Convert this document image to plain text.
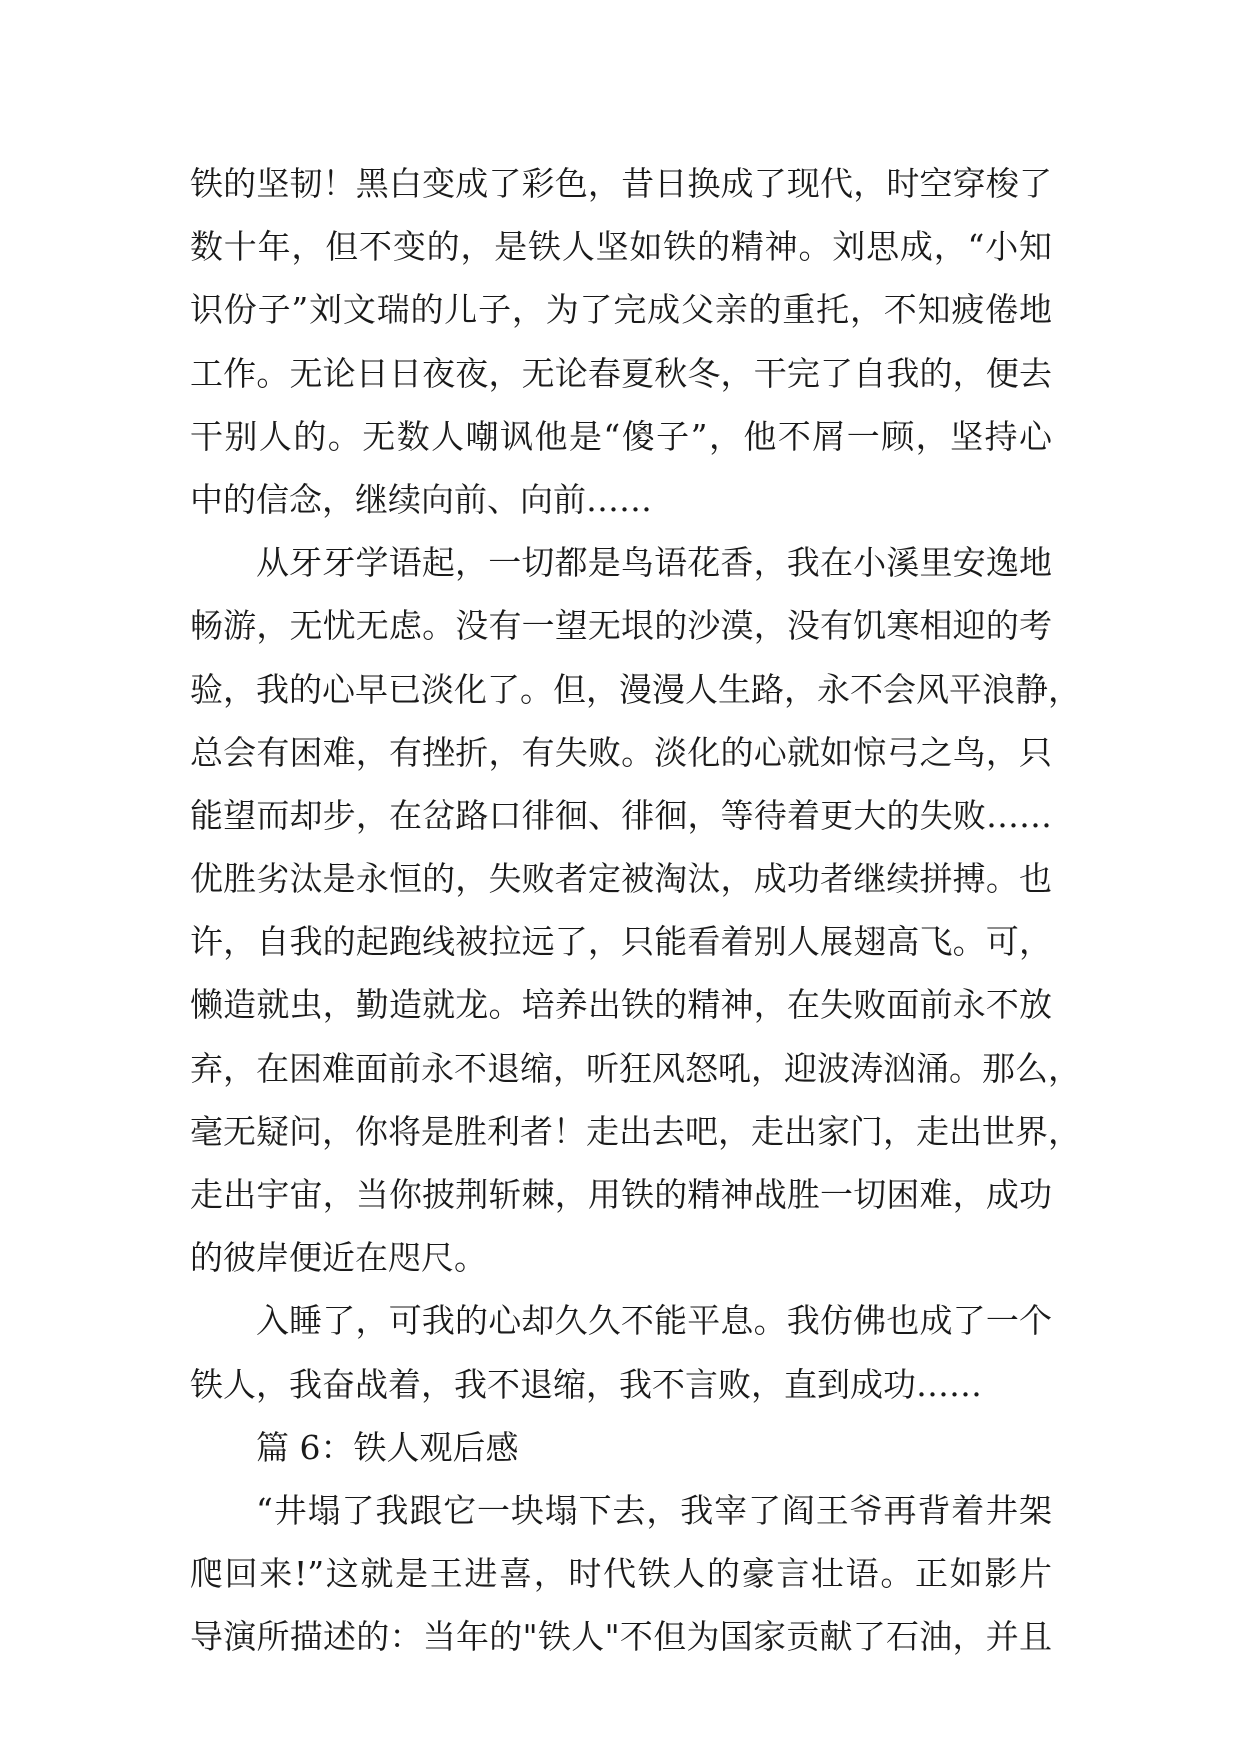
铁的坚韧！黑白变成了彩色，昔日换成了现代，时空穿梭了
数十年，但不变的，是铁人坚如铁的精神。刘思成，“小知
识份子”刘文瑞的儿子，为了完成父亲的重托，不知疲倦地
工作。无论日日夜夜，无论春夏秋冬，干完了自我的，便去
干别人的。无数人嘲讽他是“傻子”，他不屑一顾，坚持心
中的信念，继续向前、向前……
从牙牙学语起，一切都是鸟语花香，我在小溪里安逸地
畅游，无忧无虑。没有一望无垠的沙漠，没有饥寒相迎的考
验，我的心早已淡化了。但，漫漫人生路，永不会风平浪静，
总会有困难，有挫折，有失败。淡化的心就如惊弓之鸟，只
能望而却步，在岔路口徘徊、徘徊，等待着更大的失败……
优胜劣汰是永恒的，失败者定被淘汰，成功者继续拼搏。也
许，自我的起跑线被拉远了，只能看着别人展翅高飞。可，
懒造就虫，勤造就龙。培养出铁的精神，在失败面前永不放
弃，在困难面前永不退缩，听狂风怒吼，迎波涛汹涌。那么，
毫无疑问，你将是胜利者！走出去吧，走出家门，走出世界，
走出宇宙，当你披荆斩棘，用铁的精神战胜一切困难，成功
的彼岸便近在咫尺。
入睡了，可我的心却久久不能平息。我仿佛也成了一个
铁人，我奋战着，我不退缩，我不言败，直到成功……
篇 6：铁人观后感
“井塌了我跟它一块塌下去，我宰了阎王爷再背着井架
爬回来!”这就是王进喜，时代铁人的豪言壮语。正如影片
导演所描述的：当年的"铁人"不但为国家贡献了石油，并且
